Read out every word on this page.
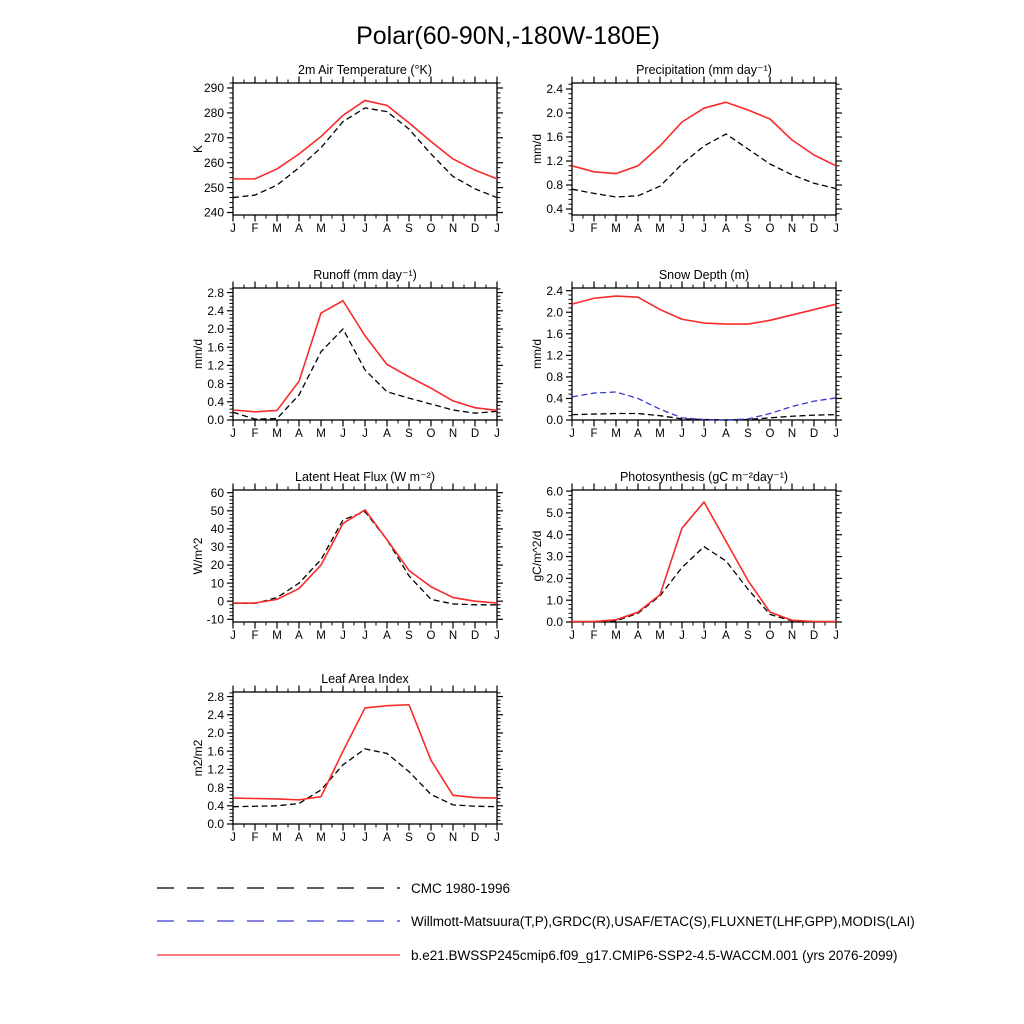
Polar(60-90N,-180W-180E)
240
250
260
270
280
290
J F M A M J J A S O N D J
2m Air Temperature (°K)
K
0.4
0.8
1.2
1.6
2.0
2.4
J F M A M J J A S O N D J
Precipitation (mm day⁻¹)
mm/d
0.0
0.4
0.8
1.2
1.6
2.0
2.4
2.8
J F M A M J J A S O N D J
Runoff (mm day⁻¹)
mm/d
0.0
0.4
0.8
1.2
1.6
2.0
2.4
J F M A M J J A S O N D J
Snow Depth (m)
mm/d
-10
0
10
20
30
40
50
60
J F M A M J J A S O N D J
Latent Heat Flux (W m⁻²)
W/m^2
0.0
1.0
2.0
3.0
4.0
5.0
6.0
J F M A M J J A S O N D J
Photosynthesis (gC m⁻²day⁻¹)
gC/m^2/d
0.0
0.4
0.8
1.2
1.6
2.0
2.4
2.8
J F M A M J J A S O N D J
Leaf Area Index
m2/m2
CMC 1980-1996
Willmott-Matsuura(T,P),GRDC(R),USAF/ETAC(S),FLUXNET(LHF,GPP),MODIS(LAI)
b.e21.BWSSP245cmip6.f09_g17.CMIP6-SSP2-4.5-WACCM.001 (yrs 2076-2099)
